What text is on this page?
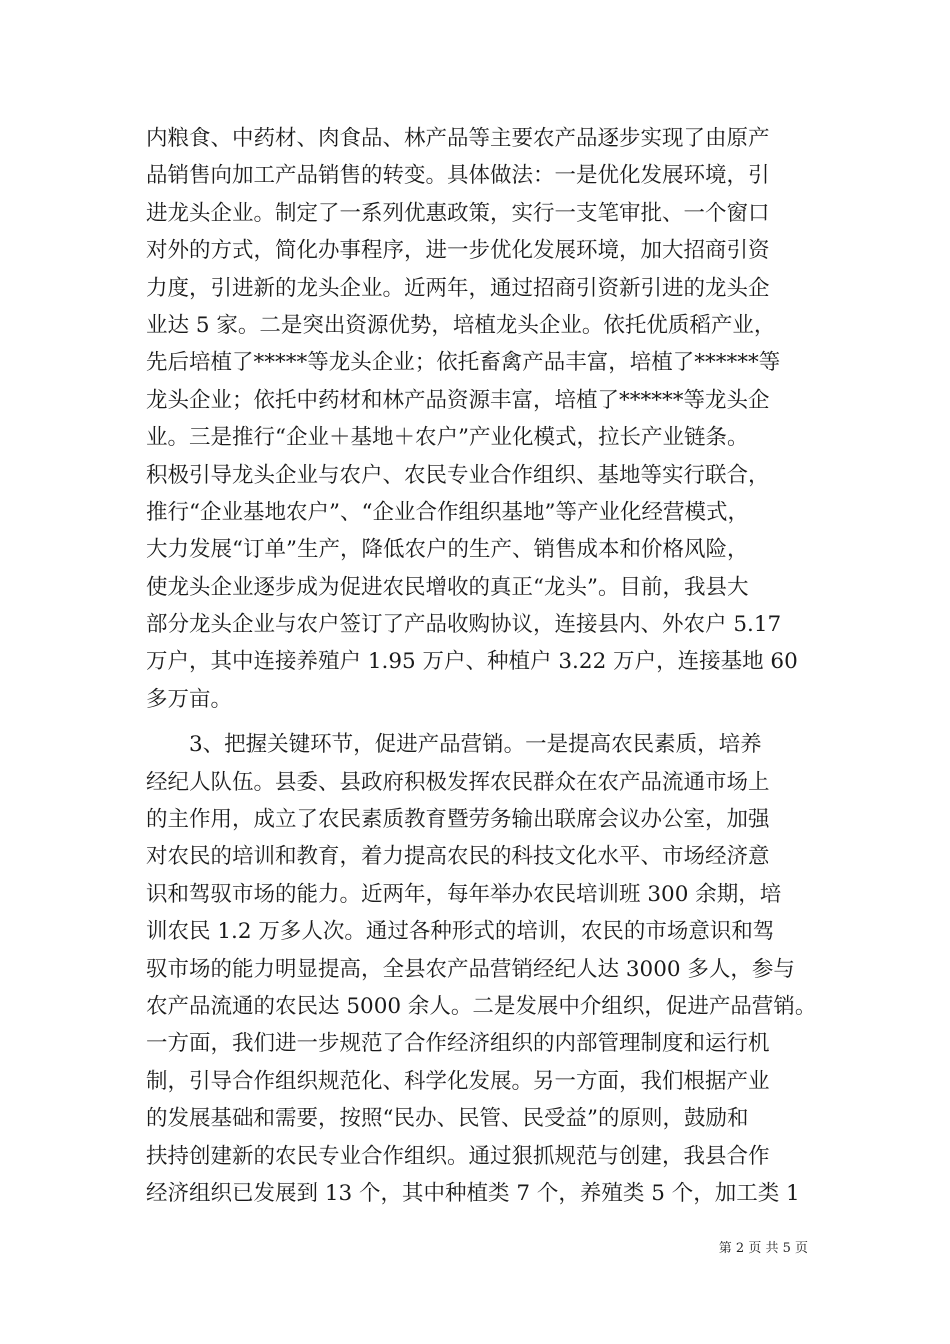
内粮食、中药材、肉食品、林产品等主要农产品逐步实现了由原产
品销售向加工产品销售的转变。具体做法：一是优化发展环境，引
进龙头企业。制定了一系列优惠政策，实行一支笔审批、一个窗口
对外的方式，简化办事程序，进一步优化发展环境，加大招商引资
力度，引进新的龙头企业。近两年，通过招商引资新引进的龙头企
业达 5 家。二是突出资源优势，培植龙头企业。依托优质稻产业，
先后培植了*****等龙头企业；依托畜禽产品丰富，培植了******等
龙头企业；依托中药材和林产品资源丰富，培植了******等龙头企
业。三是推行“企业＋基地＋农户”产业化模式，拉长产业链条。
积极引导龙头企业与农户、农民专业合作组织、基地等实行联合，
推行“企业基地农户”、“企业合作组织基地”等产业化经营模式，
大力发展“订单”生产，降低农户的生产、销售成本和价格风险，
使龙头企业逐步成为促进农民增收的真正“龙头”。目前，我县大
部分龙头企业与农户签订了产品收购协议，连接县内、外农户 5.17
万户，其中连接养殖户 1.95 万户、种植户 3.22 万户，连接基地 60
多万亩。
　　3、把握关键环节，促进产品营销。一是提高农民素质，培养
经纪人队伍。县委、县政府积极发挥农民群众在农产品流通市场上
的主作用，成立了农民素质教育暨劳务输出联席会议办公室，加强
对农民的培训和教育，着力提高农民的科技文化水平、市场经济意
识和驾驭市场的能力。近两年，每年举办农民培训班 300 余期，培
训农民 1.2 万多人次。通过各种形式的培训，农民的市场意识和驾
驭市场的能力明显提高，全县农产品营销经纪人达 3000 多人，参与
农产品流通的农民达 5000 余人。二是发展中介组织，促进产品营销。
一方面，我们进一步规范了合作经济组织的内部管理制度和运行机
制，引导合作组织规范化、科学化发展。另一方面，我们根据产业
的发展基础和需要，按照“民办、民管、民受益”的原则，鼓励和
扶持创建新的农民专业合作组织。通过狠抓规范与创建，我县合作
经济组织已发展到 13 个，其中种植类 7 个，养殖类 5 个，加工类 1
第 2 页 共 5 页
